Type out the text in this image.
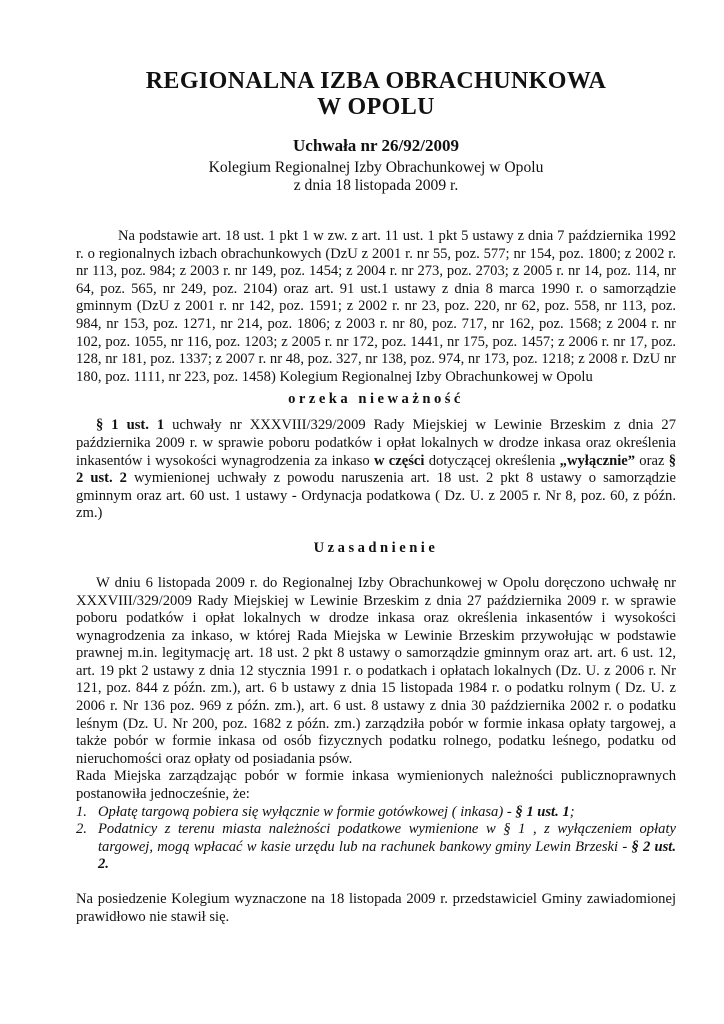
REGIONALNA IZBA OBRACHUNKOWA
W OPOLU
Uchwała nr 26/92/2009
Kolegium Regionalnej Izby Obrachunkowej w Opolu
z dnia 18 listopada 2009 r.

Na podstawie art. 18 ust. 1 pkt 1 w zw. z art. 11 ust. 1 pkt 5 ustawy z dnia 7 października 1992 r. o regionalnych izbach obrachunkowych (DzU z 2001 r. nr 55, poz. 577; nr 154, poz. 1800; z 2002 r. nr 113, poz. 984; z 2003 r. nr 149, poz. 1454; z 2004 r. nr 273, poz. 2703; z 2005 r. nr 14, poz. 114, nr 64, poz. 565, nr 249, poz. 2104) oraz art. 91 ust.1 ustawy z dnia 8 marca 1990 r. o samorządzie gminnym (DzU z 2001 r. nr 142, poz. 1591; z 2002 r. nr 23, poz. 220, nr 62, poz. 558, nr 113, poz. 984, nr 153, poz. 1271, nr 214, poz. 1806; z 2003 r. nr 80, poz. 717, nr 162, poz. 1568; z 2004 r. nr 102, poz. 1055, nr 116, poz. 1203; z 2005 r. nr 172, poz. 1441, nr 175, poz. 1457; z 2006 r. nr 17, poz. 128, nr 181, poz. 1337; z 2007 r. nr 48, poz. 327, nr 138, poz. 974, nr 173, poz. 1218; z 2008 r. DzU nr 180, poz. 1111, nr 223, poz. 1458) Kolegium Regionalnej Izby Obrachunkowej w Opolu

orzeka nieważność

§ 1 ust. 1 uchwały nr XXXVIII/329/2009 Rady Miejskiej w Lewinie Brzeskim z dnia 27 października 2009 r. w sprawie poboru podatków i opłat lokalnych w drodze inkasa oraz określenia inkasentów i wysokości wynagrodzenia za inkaso w części dotyczącej określenia „wyłącznie” oraz § 2 ust. 2 wymienionej uchwały z powodu naruszenia art. 18 ust. 2 pkt 8 ustawy o samorządzie gminnym oraz art. 60 ust. 1 ustawy - Ordynacja podatkowa ( Dz. U. z 2005 r. Nr 8, poz. 60, z późn. zm.)

Uzasadnienie

W dniu 6 listopada 2009 r. do Regionalnej Izby Obrachunkowej w Opolu doręczono uchwałę nr XXXVIII/329/2009 Rady Miejskiej w Lewinie Brzeskim z dnia 27 października 2009 r. w sprawie poboru podatków i opłat lokalnych w drodze inkasa oraz określenia inkasentów i wysokości wynagrodzenia za inkaso, w której Rada Miejska w Lewinie Brzeskim przywołując w podstawie prawnej m.in. legitymację art. 18 ust. 2 pkt 8 ustawy o samorządzie gminnym oraz art. art. 6 ust. 12, art. 19 pkt 2 ustawy z dnia 12 stycznia 1991 r. o podatkach i opłatach lokalnych (Dz. U. z 2006 r. Nr 121, poz. 844 z późn. zm.), art. 6 b ustawy z dnia 15 listopada 1984 r. o podatku rolnym ( Dz. U. z 2006 r. Nr 136 poz. 969 z późn. zm.), art. 6 ust. 8 ustawy z dnia 30 października 2002 r. o podatku leśnym (Dz. U. Nr 200, poz. 1682 z późn. zm.) zarządziła pobór w formie inkasa opłaty targowej, a także pobór w formie inkasa od osób fizycznych podatku rolnego, podatku leśnego, podatku od nieruchomości oraz opłaty od posiadania psów.

Rada Miejska zarządzając pobór w formie inkasa wymienionych należności publicznoprawnych postanowiła jednocześnie, że:

1. Opłatę targową pobiera się wyłącznie w formie gotówkowej ( inkasa) - § 1 ust. 1;
2. Podatnicy z terenu miasta należności podatkowe wymienione w § 1 , z wyłączeniem opłaty targowej, mogą wpłacać w kasie urzędu lub na rachunek bankowy gminy Lewin Brzeski - § 2 ust. 2.

Na posiedzenie Kolegium wyznaczone na 18 listopada 2009 r. przedstawiciel Gminy zawiadomionej prawidłowo nie stawił się.
